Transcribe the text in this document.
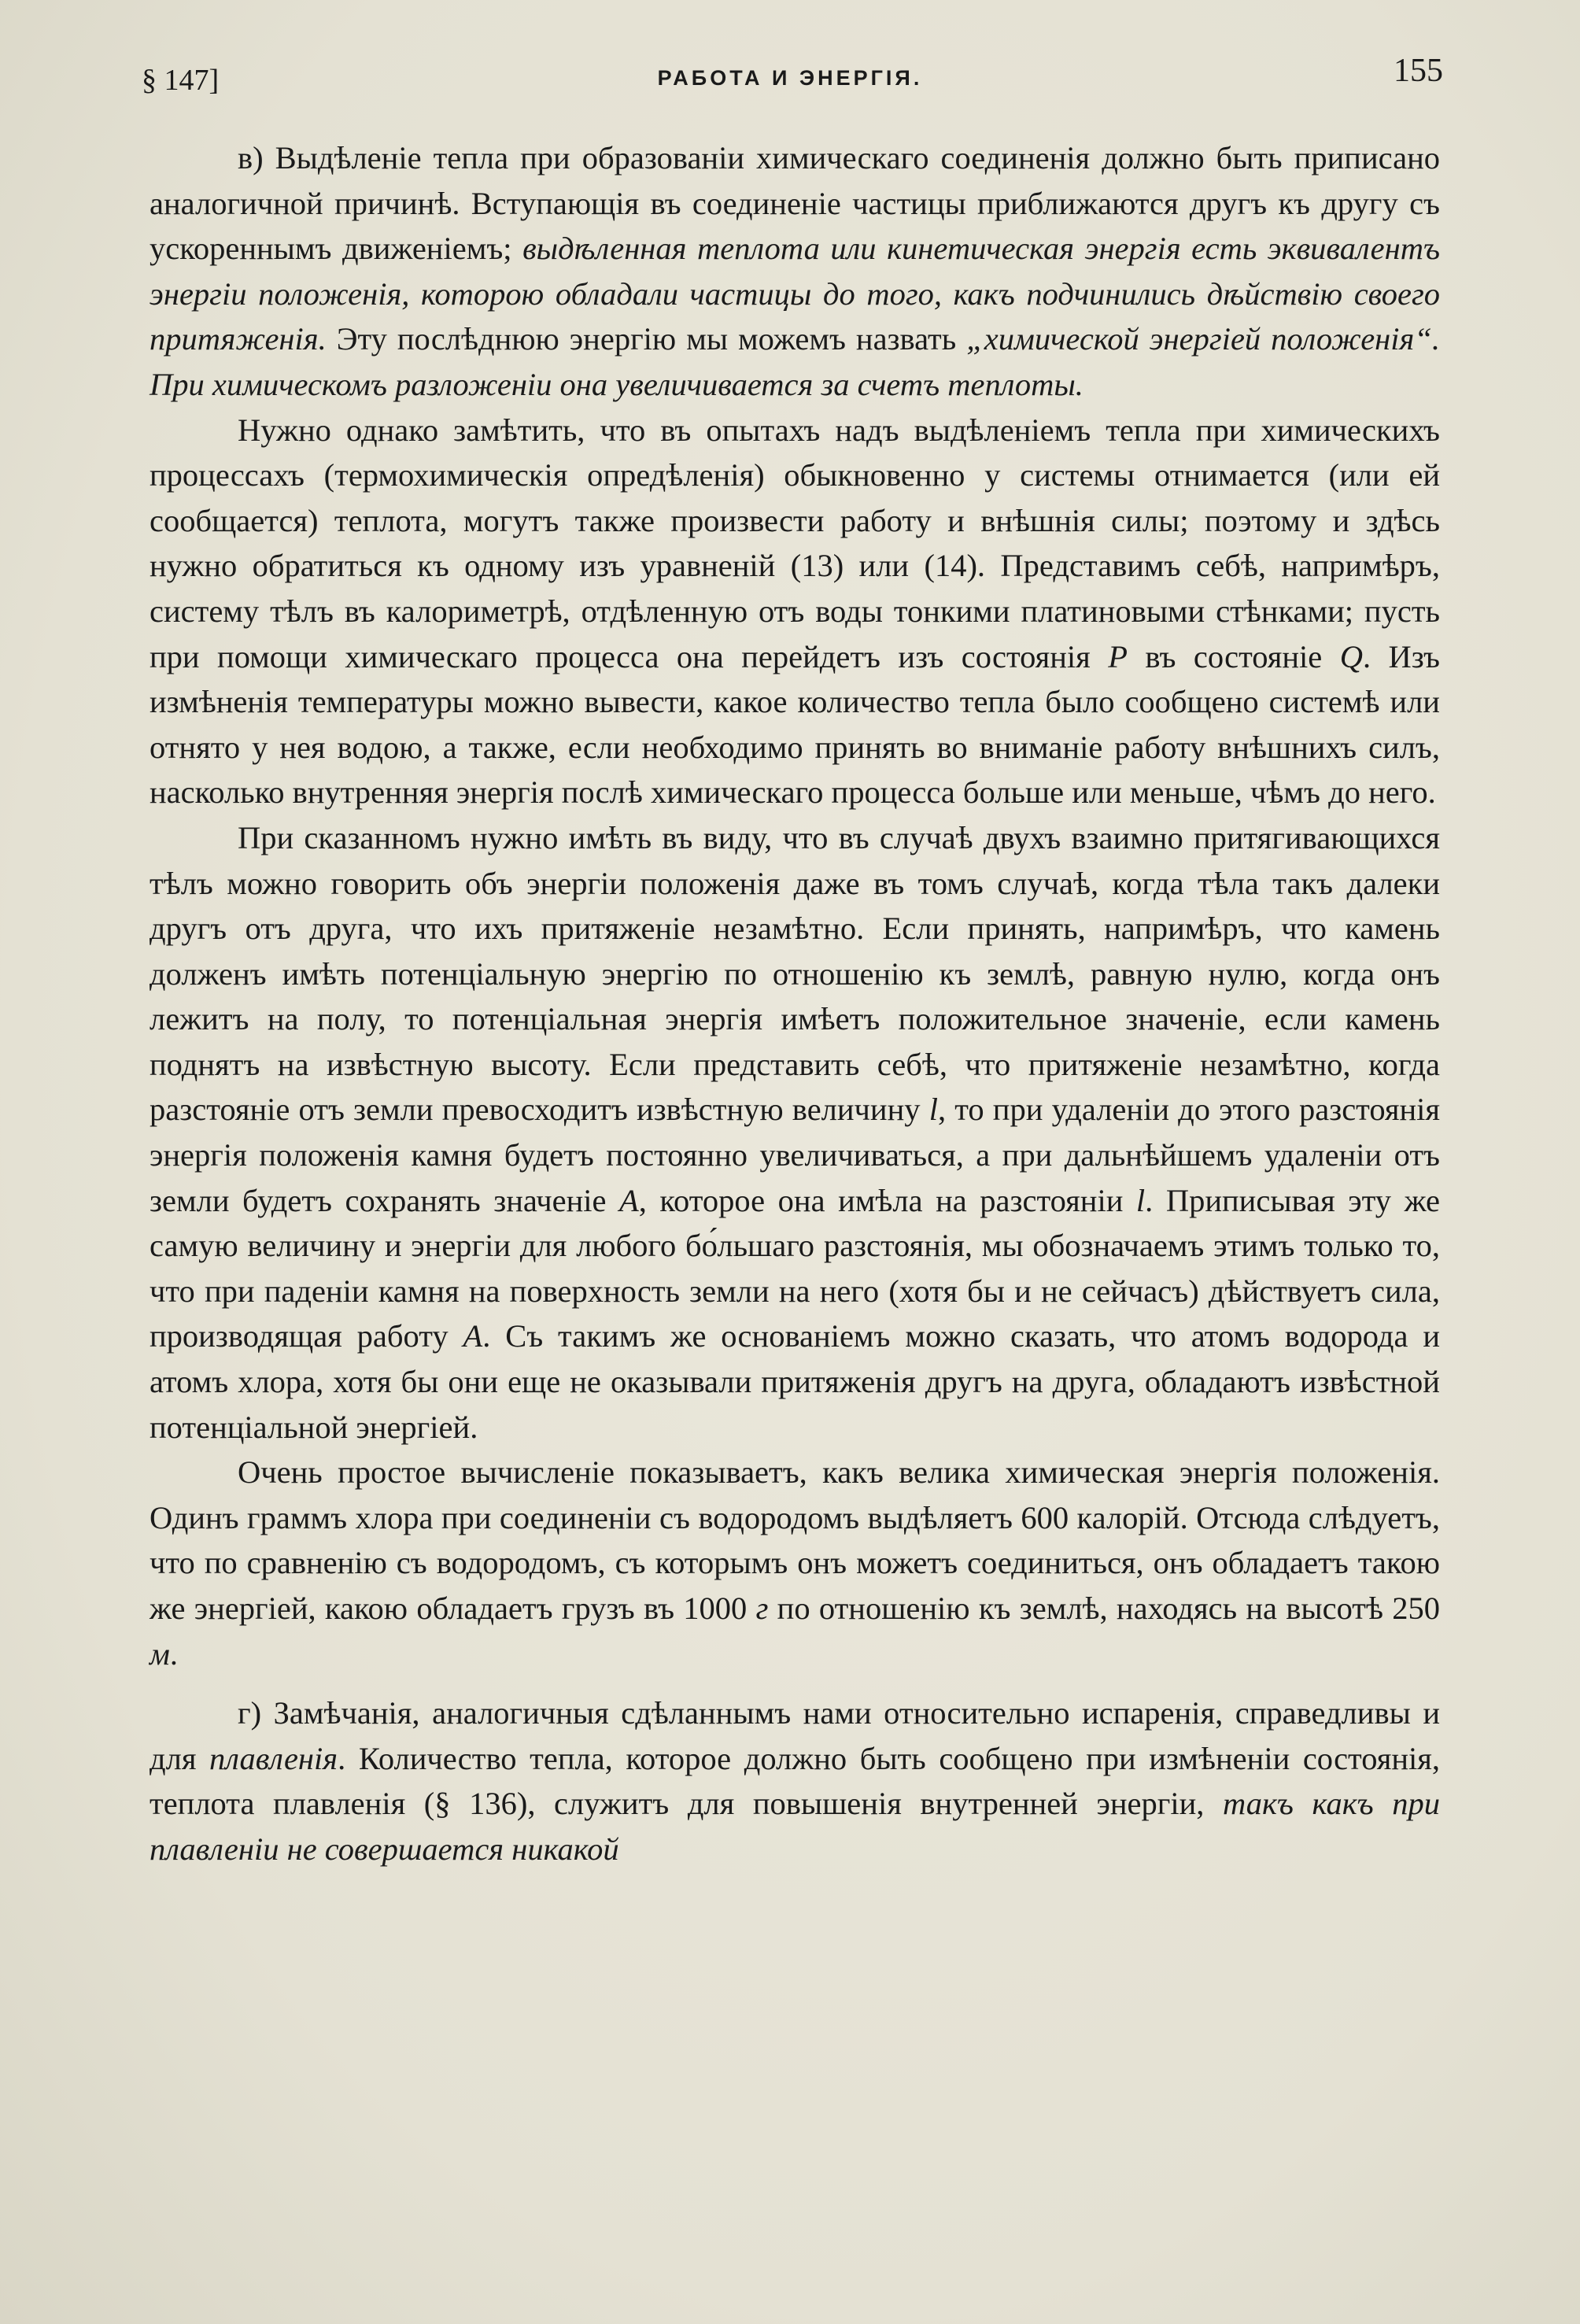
§ 147]	РАБОТА И ЭНЕРГІЯ.	155

в) Выдѣленіе тепла при образованіи химическаго соединенія должно быть приписано аналогичной причинѣ. Вступающія въ соединеніе частицы приближаются другъ къ другу съ ускореннымъ движеніемъ; выдѣленная теплота или кинетическая энергія есть эквивалентъ энергіи положенія, которою обладали частицы до того, какъ подчинились дѣйствію своего притяженія. Эту послѣднюю энергію мы можемъ назвать „химической энергіей положенія“. При химическомъ разложеніи она увеличивается за счетъ теплоты.

Нужно однако замѣтить, что въ опытахъ надъ выдѣленіемъ тепла при химическихъ процессахъ (термохимическія опредѣленія) обыкновенно у системы отнимается (или ей сообщается) теплота, могутъ также произвести работу и внѣшнія силы; поэтому и здѣсь нужно обратиться къ одному изъ уравненій (13) или (14). Представимъ себѣ, напримѣръ, систему тѣлъ въ калориметрѣ, отдѣленную отъ воды тонкими платиновыми стѣнками; пусть при помощи химическаго процесса она перейдетъ изъ состоянія P въ состояніе Q. Изъ измѣненія температуры можно вывести, какое количество тепла было сообщено системѣ или отнято у нея водою, а также, если необходимо принять во вниманіе работу внѣшнихъ силъ, насколько внутренняя энергія послѣ химическаго процесса больше или меньше, чѣмъ до него.

При сказанномъ нужно имѣть въ виду, что въ случаѣ двухъ взаимно притягивающихся тѣлъ можно говорить объ энергіи положенія даже въ томъ случаѣ, когда тѣла такъ далеки другъ отъ друга, что ихъ притяженіе незамѣтно. Если принять, напримѣръ, что камень долженъ имѣть потенціальную энергію по отношенію къ землѣ, равную нулю, когда онъ лежитъ на полу, то потенціальная энергія имѣетъ положительное значеніе, если камень поднятъ на извѣстную высоту. Если представить себѣ, что притяженіе незамѣтно, когда разстояніе отъ земли превосходитъ извѣстную величину l, то при удаленіи до этого разстоянія энергія положенія камня будетъ постоянно увеличиваться, а при дальнѣйшемъ удаленіи отъ земли будетъ сохранять значеніе A, которое она имѣла на разстояніи l. Приписывая эту же самую величину и энергіи для любого бо́льшаго разстоянія, мы обозначаемъ этимъ только то, что при паденіи камня на поверхность земли на него (хотя бы и не сейчасъ) дѣйствуетъ сила, производящая работу A. Съ такимъ же основаніемъ можно сказать, что атомъ водорода и атомъ хлора, хотя бы они еще не оказывали притяженія другъ на друга, обладаютъ извѣстной потенціальной энергіей.

Очень простое вычисленіе показываетъ, какъ велика химическая энергія положенія. Одинъ граммъ хлора при соединеніи съ водородомъ выдѣляетъ 600 калорій. Отсюда слѣдуетъ, что по сравненію съ водородомъ, съ которымъ онъ можетъ соединиться, онъ обладаетъ такою же энергіей, какою обладаетъ грузъ въ 1000 г по отношенію къ землѣ, находясь на высотѣ 250 м.

г) Замѣчанія, аналогичныя сдѣланнымъ нами относительно испаренія, справедливы и для плавленія. Количество тепла, которое должно быть сообщено при измѣненіи состоянія, теплота плавленія (§ 136), служитъ для повышенія внутренней энергіи, такъ какъ при плавленіи не совершается никакой
